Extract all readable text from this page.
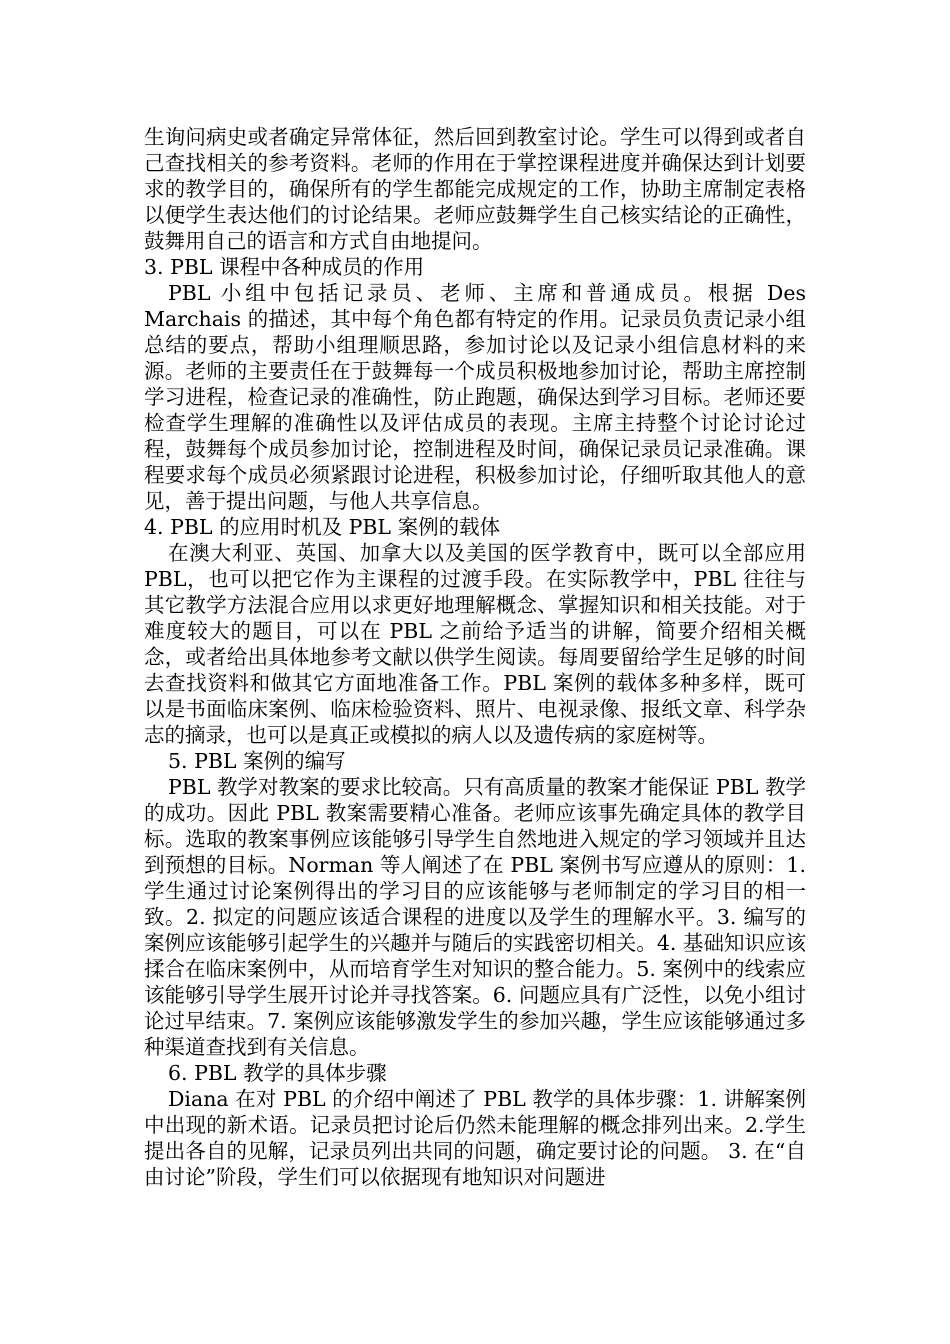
生询问病史或者确定异常体征，然后回到教室讨论。学生可以得到或者自己查找相关的参考资料。老师的作用在于掌控课程进度并确保达到计划要求的教学目的，确保所有的学生都能完成规定的工作，协助主席制定表格以便学生表达他们的讨论结果。老师应鼓舞学生自己核实结论的正确性，鼓舞用自己的语言和方式自由地提问。

3. PBL 课程中各种成员的作用

PBL 小组中包括记录员、老师、主席和普通成员。根据 Des Marchais 的描述，其中每个角色都有特定的作用。记录员负责记录小组总结的要点，帮助小组理顺思路，参加讨论以及记录小组信息材料的来源。老师的主要责任在于鼓舞每一个成员积极地参加讨论，帮助主席控制学习进程，检查记录的准确性，防止跑题，确保达到学习目标。老师还要检查学生理解的准确性以及评估成员的表现。主席主持整个讨论讨论过程，鼓舞每个成员参加讨论，控制进程及时间，确保记录员记录准确。课程要求每个成员必须紧跟讨论进程，积极参加讨论，仔细听取其他人的意见，善于提出问题，与他人共享信息。

4. PBL 的应用时机及 PBL 案例的载体

在澳大利亚、英国、加拿大以及美国的医学教育中，既可以全部应用 PBL，也可以把它作为主课程的过渡手段。在实际教学中，PBL 往往与其它教学方法混合应用以求更好地理解概念、掌握知识和相关技能。对于难度较大的题目，可以在 PBL 之前给予适当的讲解，简要介绍相关概念，或者给出具体地参考文献以供学生阅读。每周要留给学生足够的时间去查找资料和做其它方面地准备工作。PBL 案例的载体多种多样，既可以是书面临床案例、临床检验资料、照片、电视录像、报纸文章、科学杂志的摘录，也可以是真正或模拟的病人以及遗传病的家庭树等。

5. PBL 案例的编写

PBL 教学对教案的要求比较高。只有高质量的教案才能保证 PBL 教学的成功。因此 PBL 教案需要精心准备。老师应该事先确定具体的教学目标。选取的教案事例应该能够引导学生自然地进入规定的学习领域并且达到预想的目标。Norman 等人阐述了在 PBL 案例书写应遵从的原则：1. 学生通过讨论案例得出的学习目的应该能够与老师制定的学习目的相一致。2. 拟定的问题应该适合课程的进度以及学生的理解水平。3. 编写的案例应该能够引起学生的兴趣并与随后的实践密切相关。4. 基础知识应该揉合在临床案例中，从而培育学生对知识的整合能力。5. 案例中的线索应该能够引导学生展开讨论并寻找答案。6. 问题应具有广泛性，以免小组讨论过早结束。7. 案例应该能够激发学生的参加兴趣，学生应该能够通过多种渠道查找到有关信息。

6. PBL 教学的具体步骤

Diana 在对 PBL 的介绍中阐述了 PBL 教学的具体步骤：1. 讲解案例中出现的新术语。记录员把讨论后仍然未能理解的概念排列出来。2.学生提出各自的见解，记录员列出共同的问题，确定要讨论的问题。 3. 在“自由讨论”阶段，学生们可以依据现有地知识对问题进
